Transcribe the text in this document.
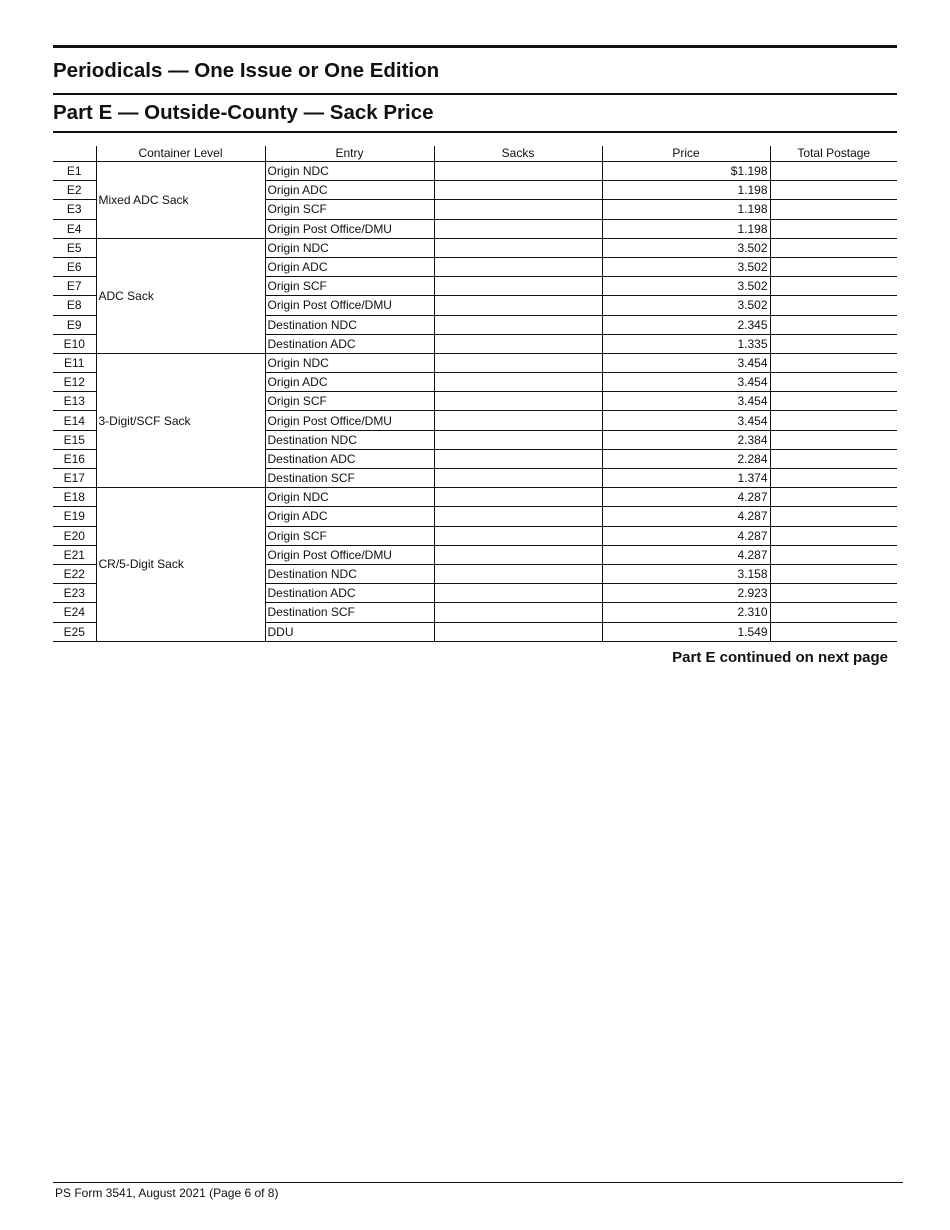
Periodicals — One Issue or One Edition
Part E — Outside-County — Sack Price
	Container Level	Entry	Sacks	Price	Total Postage
E1	Mixed ADC Sack	Origin NDC		$1.198	
E2		Origin ADC		1.198	
E3		Origin SCF		1.198	
E4		Origin Post Office/DMU		1.198	
E5	ADC Sack	Origin NDC		3.502	
E6		Origin ADC		3.502	
E7		Origin SCF		3.502	
E8		Origin Post Office/DMU		3.502	
E9		Destination NDC		2.345	
E10		Destination ADC		1.335	
E11	3-Digit/SCF Sack	Origin NDC		3.454	
E12		Origin ADC		3.454	
E13		Origin SCF		3.454	
E14		Origin Post Office/DMU		3.454	
E15		Destination NDC		2.384	
E16		Destination ADC		2.284	
E17		Destination SCF		1.374	
E18	CR/5-Digit Sack	Origin NDC		4.287	
E19		Origin ADC		4.287	
E20		Origin SCF		4.287	
E21		Origin Post Office/DMU		4.287	
E22		Destination NDC		3.158	
E23		Destination ADC		2.923	
E24		Destination SCF		2.310	
E25		DDU		1.549	
Part E continued on next page
PS Form 3541, August 2021 (Page 6 of 8)
